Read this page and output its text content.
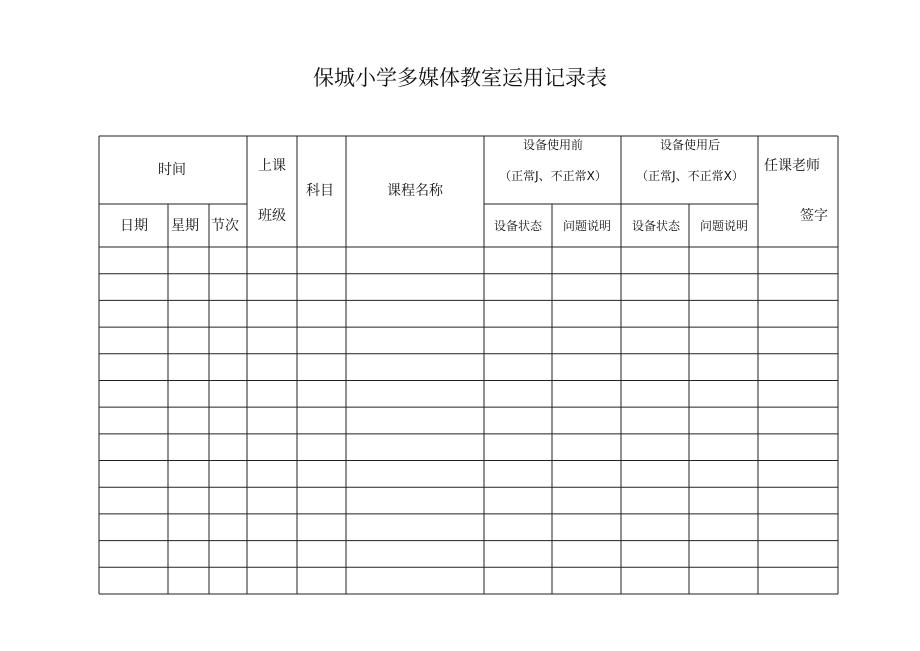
保城小学多媒体教室运用记录表
时间
日期 星期 节次
上课
班级
科目	课程名称
设备使用前
（正常J、不正常X）
设备使用后
（正常J、不正常X）
设备状态 问题说明 设备状态 问题说明
任课老师
签字
